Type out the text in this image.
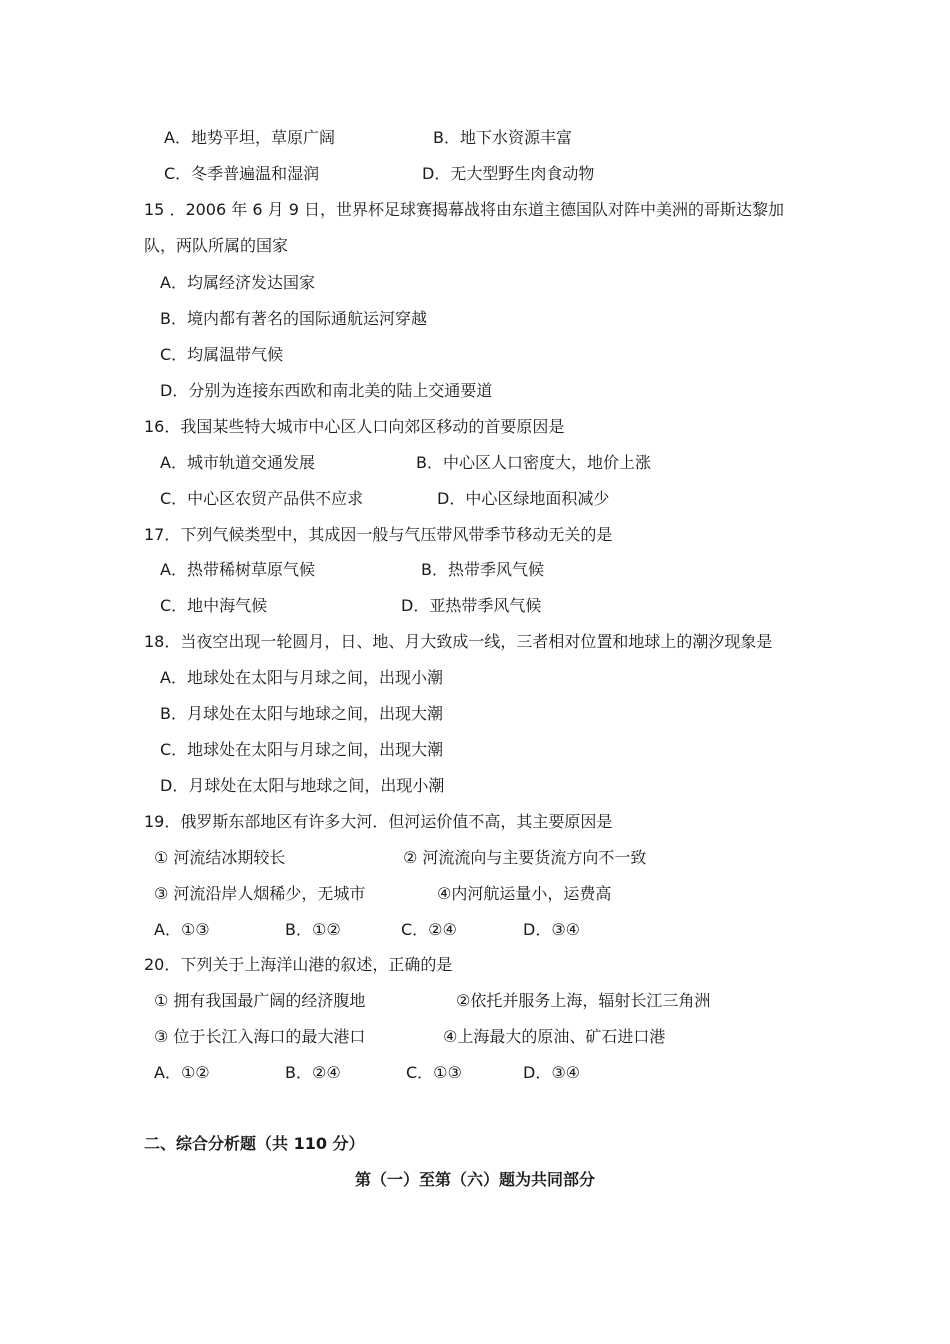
A．地势平坦，草原广阔	B．地下水资源丰富
C．冬季普遍温和湿润	D．无大型野生肉食动物
15 ．2006 年 6 月 9 日，世界杯足球赛揭幕战将由东道主德国队对阵中美洲的哥斯达黎加
队，两队所属的国家
A．均属经济发达国家
B．境内都有著名的国际通航运河穿越
C．均属温带气候
D．分别为连接东西欧和南北美的陆上交通要道
16．我国某些特大城市中心区人口向郊区移动的首要原因是
A．城市轨道交通发展	B．中心区人口密度大，地价上涨
C．中心区农贸产品供不应求	D．中心区绿地面积减少
17．下列气候类型中，其成因一般与气压带风带季节移动无关的是
A．热带稀树草原气候	B．热带季风气候
C．地中海气候	D．亚热带季风气候
18．当夜空出现一轮圆月，日、地、月大致成一线，三者相对位置和地球上的潮汐现象是
A．地球处在太阳与月球之间，出现小潮
B．月球处在太阳与地球之间，出现大潮
C．地球处在太阳与月球之间，出现大潮
D．月球处在太阳与地球之间，出现小潮
19．俄罗斯东部地区有许多大河．但河运价值不高，其主要原因是
① 河流结冰期较长	② 河流流向与主要货流方向不一致
③ 河流沿岸人烟稀少，无城市	④内河航运量小，运费高
A．①③	B．①②	C．②④	D．③④
20．下列关于上海洋山港的叙述，正确的是
① 拥有我国最广阔的经济腹地	②依托并服务上海，辐射长江三角洲
③ 位于长江入海口的最大港口	④上海最大的原油、矿石进口港
A．①②	B．②④	C．①③	D．③④
二、综合分析题（共 110 分）
第（一）至第（六）题为共同部分
